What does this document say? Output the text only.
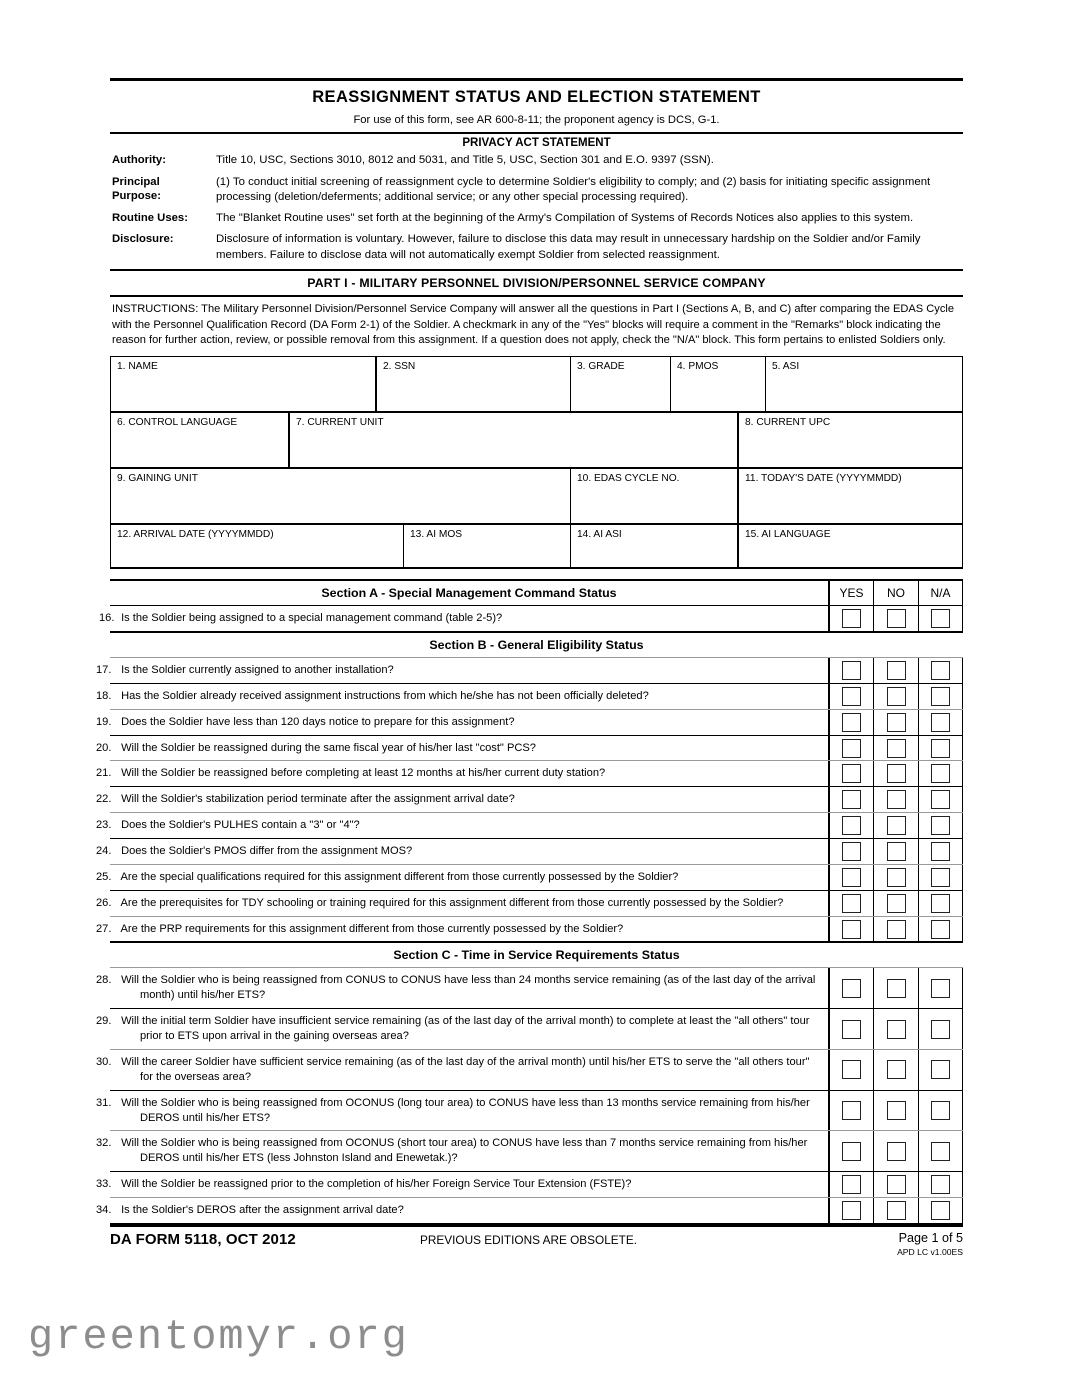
REASSIGNMENT STATUS AND ELECTION STATEMENT
For use of this form, see AR 600-8-11; the proponent agency is DCS, G-1.
PRIVACY ACT STATEMENT
Authority:	Title 10, USC, Sections 3010, 8012 and 5031, and Title 5, USC, Section 301 and E.O. 9397 (SSN).
Principal
Purpose:
(1) To conduct initial screening of reassignment cycle to determine Soldier's eligibility to comply; and (2) basis for initiating specific assignment processing (deletion/deferments; additional service; or any other special processing required).
Routine Uses:	The "Blanket Routine uses" set forth at the beginning of the Army's Compilation of Systems of Records Notices also applies to this system.
Disclosure:	Disclosure of information is voluntary. However, failure to disclose this data may result in unnecessary hardship on the Soldier and/or Family members. Failure to disclose data will not automatically exempt Soldier from selected reassignment.
PART I - MILITARY PERSONNEL DIVISION/PERSONNEL SERVICE COMPANY
INSTRUCTIONS: The Military Personnel Division/Personnel Service Company will answer all the questions in Part I (Sections A, B, and C) after comparing the EDAS Cycle with the Personnel Qualification Record (DA Form 2-1) of the Soldier. A checkmark in any of the "Yes" blocks will require a comment in the "Remarks" block indicating the reason for further action, review, or possible removal from this assignment. If a question does not apply, check the "N/A" block. This form pertains to enlisted Soldiers only.
1. NAME	2. SSN	3. GRADE	4. PMOS	5. ASI
6. CONTROL LANGUAGE	7. CURRENT UNIT	8. CURRENT UPC
9. GAINING UNIT	10. EDAS CYCLE NO.	11. TODAY'S DATE (YYYYMMDD)
12. ARRIVAL DATE (YYYYMMDD)	13. AI MOS	14. AI ASI	15. AI LANGUAGE
Section A - Special Management Command Status	YES	NO	N/A
16. Is the Soldier being assigned to a special management command (table 2-5)?
Section B - General Eligibility Status
17. Is the Soldier currently assigned to another installation?
18. Has the Soldier already received assignment instructions from which he/she has not been officially deleted?
19. Does the Soldier have less than 120 days notice to prepare for this assignment?
20. Will the Soldier be reassigned during the same fiscal year of his/her last "cost" PCS?
21. Will the Soldier be reassigned before completing at least 12 months at his/her current duty station?
22. Will the Soldier's stabilization period terminate after the assignment arrival date?
23. Does the Soldier's PULHES contain a "3" or "4"?
24. Does the Soldier's PMOS differ from the assignment MOS?
25. Are the special qualifications required for this assignment different from those currently possessed by the Soldier?
26. Are the prerequisites for TDY schooling or training required for this assignment different from those currently possessed by the Soldier?
27. Are the PRP requirements for this assignment different from those currently possessed by the Soldier?
Section C - Time in Service Requirements Status
28. Will the Soldier who is being reassigned from CONUS to CONUS have less than 24 months service remaining (as of the last day of the arrival month) until his/her ETS?
29. Will the initial term Soldier have insufficient service remaining (as of the last day of the arrival month) to complete at least the "all others" tour prior to ETS upon arrival in the gaining overseas area?
30. Will the career Soldier have sufficient service remaining (as of the last day of the arrival month) until his/her ETS to serve the "all others tour" for the overseas area?
31. Will the Soldier who is being reassigned from OCONUS (long tour area) to CONUS have less than 13 months service remaining from his/her DEROS until his/her ETS?
32. Will the Soldier who is being reassigned from OCONUS (short tour area) to CONUS have less than 7 months service remaining from his/her DEROS until his/her ETS (less Johnston Island and Enewetak.)?
33. Will the Soldier be reassigned prior to the completion of his/her Foreign Service Tour Extension (FSTE)?
34. Is the Soldier's DEROS after the assignment arrival date?
DA FORM 5118, OCT 2012	PREVIOUS EDITIONS ARE OBSOLETE.	Page 1 of 5
APD LC v1.00ES
greentomyr.org
